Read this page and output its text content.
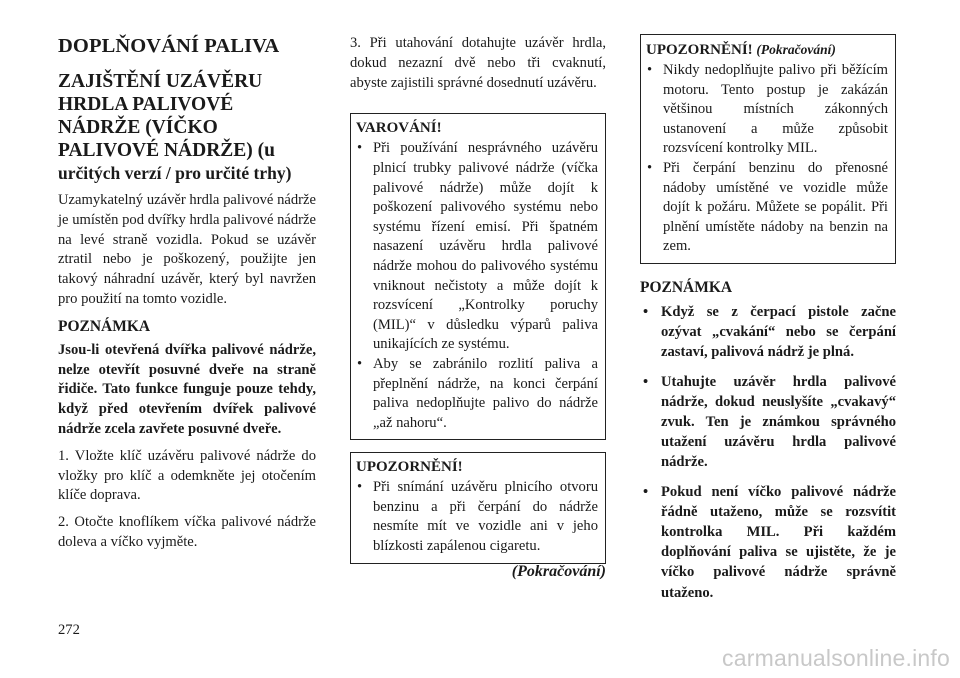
DOPLŇOVÁNÍ PALIVA
ZAJIŠTĚNÍ UZÁVĚRU HRDLA PALIVOVÉ NÁDRŽE (VÍČKO PALIVOVÉ NÁDRŽE) (u
určitých verzí / pro určité trhy)

Uzamykatelný uzávěr hrdla palivové nádrže je umístěn pod dvířky hrdla palivové nádrže na levé straně vozidla. Pokud se uzávěr ztratil nebo je poškozený, použijte jen takový náhradní uzávěr, který byl navržen pro použití na tomto vozidle.

POZNÁMKA

Jsou-li otevřená dvířka palivové nádrže, nelze otevřít posuvné dveře na straně řidiče. Tato funkce funguje pouze tehdy, když před otevřením dvířek palivové nádrže zcela zavřete posuvné dveře.

1. Vložte klíč uzávěru palivové nádrže do vložky pro klíč a odemkněte jej otočením klíče doprava.

2. Otočte knoflíkem víčka palivové nádrže doleva a víčko vyjměte.

3. Při utahování dotahujte uzávěr hrdla, dokud nezazní dvě nebo tři cvaknutí, abyste zajistili správné dosednutí uzávěru.

VAROVÁNÍ!
• Při používání nesprávného uzávěru plnicí trubky palivové nádrže (víčka palivové nádrže) může dojít k poškození palivového systému nebo systému řízení emisí. Při špatném nasazení uzávěru hrdla palivové nádrže mohou do palivového systému vniknout nečistoty a může dojít k rozsvícení „Kontrolky poruchy (MIL)“ v důsledku výparů paliva unikajících ze systému.
• Aby se zabránilo rozlití paliva a přeplnění nádrže, na konci čerpání paliva nedoplňujte palivo do nádrže „až nahoru“.
UPOZORNĚNÍ!
• Při snímání uzávěru plnicího otvoru benzinu a při čerpání do nádrže nesmíte mít ve vozidle ani v jeho blízkosti zapálenou cigaretu.
(Pokračování)
UPOZORNĚNÍ! (Pokračování)
• Nikdy nedoplňujte palivo při běžícím motoru. Tento postup je zakázán většinou místních zákonných ustanovení a může způsobit rozsvícení kontrolky MIL.
• Při čerpání benzinu do přenosné nádoby umístěné ve vozidle může dojít k požáru. Můžete se popálit. Při plnění umístěte nádoby na benzin na zem.
POZNÁMKA
• Když se z čerpací pistole začne ozývat „cvakání“ nebo se čerpání zastaví, palivová nádrž je plná.
• Utahujte uzávěr hrdla palivové nádrže, dokud neuslyšíte „cvakavý“ zvuk. Ten je známkou správného utažení uzávěru hrdla palivové nádrže.
• Pokud není víčko palivové nádrže řádně utaženo, může se rozsvítit kontrolka MIL. Při každém doplňování paliva se ujistěte, že je víčko palivové nádrže správně utaženo.
272
carmanualsonline.info
